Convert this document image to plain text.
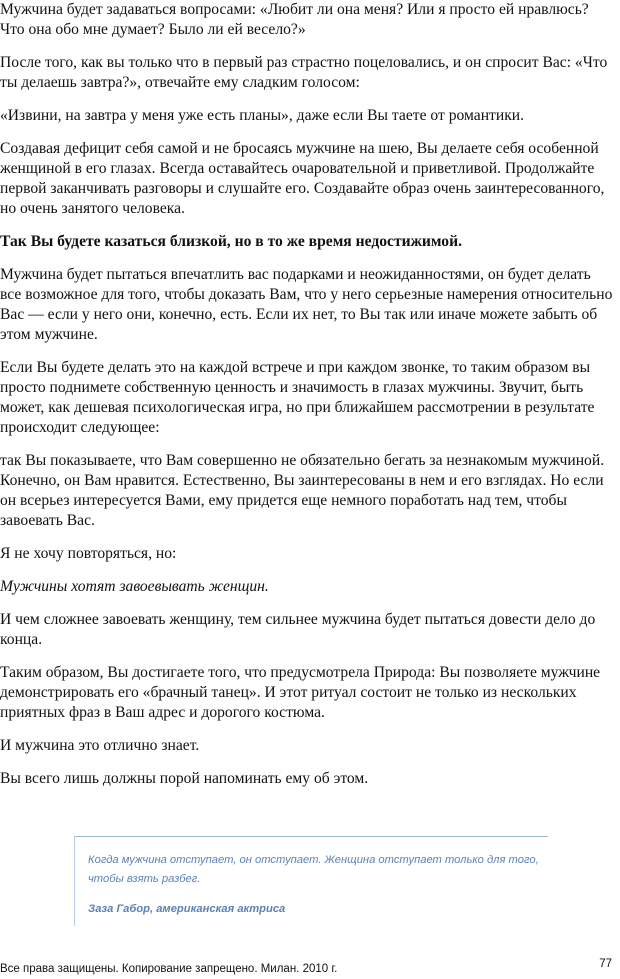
Мужчина будет задаваться вопросами: «Любит ли она меня? Или я просто ей нравлюсь? Что она обо мне думает? Было ли ей весело?»

После того, как вы только что в первый раз страстно поцеловались, и он спросит Вас: «Что ты делаешь завтра?», отвечайте ему сладким голосом:

«Извини, на завтра у меня уже есть планы», даже если Вы таете от романтики.

Создавая дефицит себя самой и не бросаясь мужчине на шею, Вы делаете себя особенной женщиной в его глазах. Всегда оставайтесь очаровательной и приветливой. Продолжайте первой заканчивать разговоры и слушайте его. Создавайте образ очень заинтересованного, но очень занятого человека.

Так Вы будете казаться близкой, но в то же время недостижимой.

Мужчина будет пытаться впечатлить вас подарками и неожиданностями, он будет делать все возможное для того, чтобы доказать Вам, что у него серьезные намерения относительно Вас — если у него они, конечно, есть. Если их нет, то Вы так или иначе можете забыть об этом мужчине.

Если Вы будете делать это на каждой встрече и при каждом звонке, то таким образом вы просто поднимете собственную ценность и значимость в глазах мужчины. Звучит, быть может, как дешевая психологическая игра, но при ближайшем рассмотрении в результате происходит следующее:

так Вы показываете, что Вам совершенно не обязательно бегать за незнакомым мужчиной. Конечно, он Вам нравится. Естественно, Вы заинтересованы в нем и его взглядах. Но если он всерьез интересуется Вами, ему придется еще немного поработать над тем, чтобы завоевать Вас.

Я не хочу повторяться, но:

Мужчины хотят завоевывать женщин.

И чем сложнее завоевать женщину, тем сильнее мужчина будет пытаться довести дело до конца.

Таким образом, Вы достигаете того, что предусмотрела Природа: Вы позволяете мужчине демонстрировать его «брачный танец». И этот ритуал состоит не только из нескольких приятных фраз в Ваш адрес и дорогого костюма.

И мужчина это отлично знает.

Вы всего лишь должны порой напоминать ему об этом.

Когда мужчина отступает, он отступает. Женщина отступает только для того, чтобы взять разбег.

Заза Габор, американская актриса

Все права защищены. Копирование запрещено. Милан. 2010 г.	77
